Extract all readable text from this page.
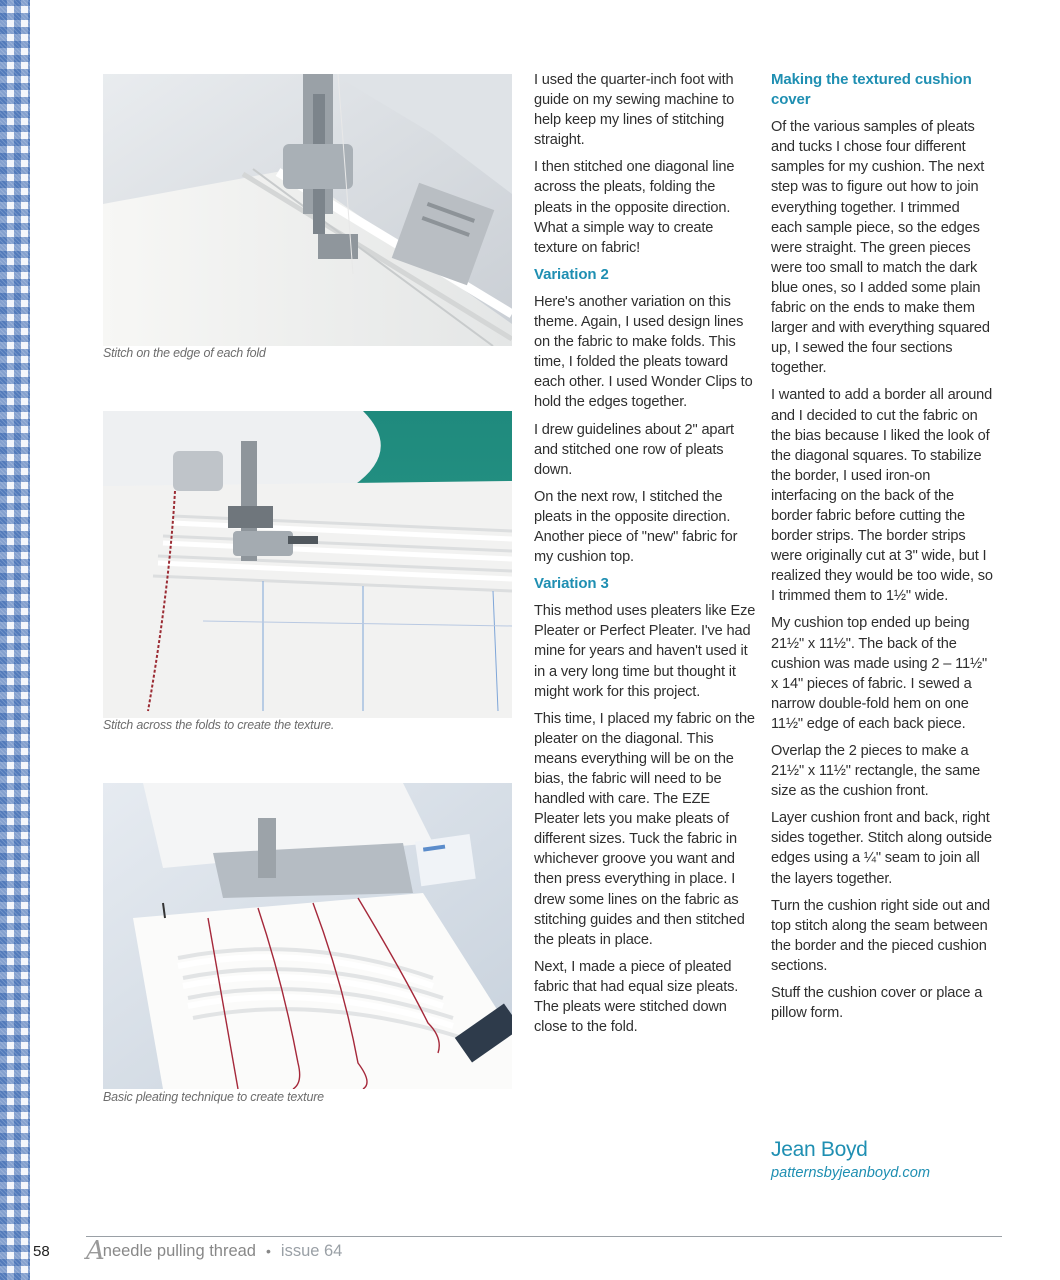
Stitch on the edge of each fold
Stitch across the folds to create the texture.
Basic pleating technique to create texture

I used the quarter-inch foot with guide on my sewing machine to help keep my lines of stitching straight.

I then stitched one diagonal line across the pleats, folding the pleats in the opposite direction. What a simple way to create texture on fabric!

Variation 2

Here's another variation on this theme. Again, I used design lines on the fabric to make folds. This time, I folded the pleats toward each other. I used Wonder Clips to hold the edges together.

I drew guidelines about 2" apart and stitched one row of pleats down.

On the next row, I stitched the pleats in the opposite direction. Another piece of "new" fabric for my cushion top.

Variation 3

This method uses pleaters like Eze Pleater or Perfect Pleater. I've had mine for years and haven't used it in a very long time but thought it might work for this project.

This time, I placed my fabric on the pleater on the diagonal. This means everything will be on the bias, the fabric will need to be handled with care. The EZE Pleater lets you make pleats of different sizes. Tuck the fabric in whichever groove you want and then press everything in place. I drew some lines on the fabric as stitching guides and then stitched the pleats in place.

Next, I made a piece of pleated fabric that had equal size pleats. The pleats were stitched down close to the fold.

Making the textured cushion cover

Of the various samples of pleats and tucks I chose four different samples for my cushion. The next step was to figure out how to join everything together. I trimmed each sample piece, so the edges were straight. The green pieces were too small to match the dark blue ones, so I added some plain fabric on the ends to make them larger and with everything squared up, I sewed the four sections together.

I wanted to add a border all around and I decided to cut the fabric on the bias because I liked the look of the diagonal squares. To stabilize the border, I used iron-on interfacing on the back of the border fabric before cutting the border strips. The border strips were originally cut at 3" wide, but I realized they would be too wide, so I trimmed them to 1½" wide.

My cushion top ended up being 21½" x 11½". The back of the cushion was made using 2 – 11½" x 14" pieces of fabric. I sewed a narrow double-fold hem on one 11½" edge of each back piece.

Overlap the 2 pieces to make a 21½" x 11½" rectangle, the same size as the cushion front.

Layer cushion front and back, right sides together. Stitch along outside edges using a ¼" seam to join all the layers together.

Turn the cushion right side out and top stitch along the seam between the border and the pieced cushion sections.

Stuff the cushion cover or place a pillow form.

Jean Boyd
patternsbyjeanboyd.com
58 A
needle pulling thread • issue 64
